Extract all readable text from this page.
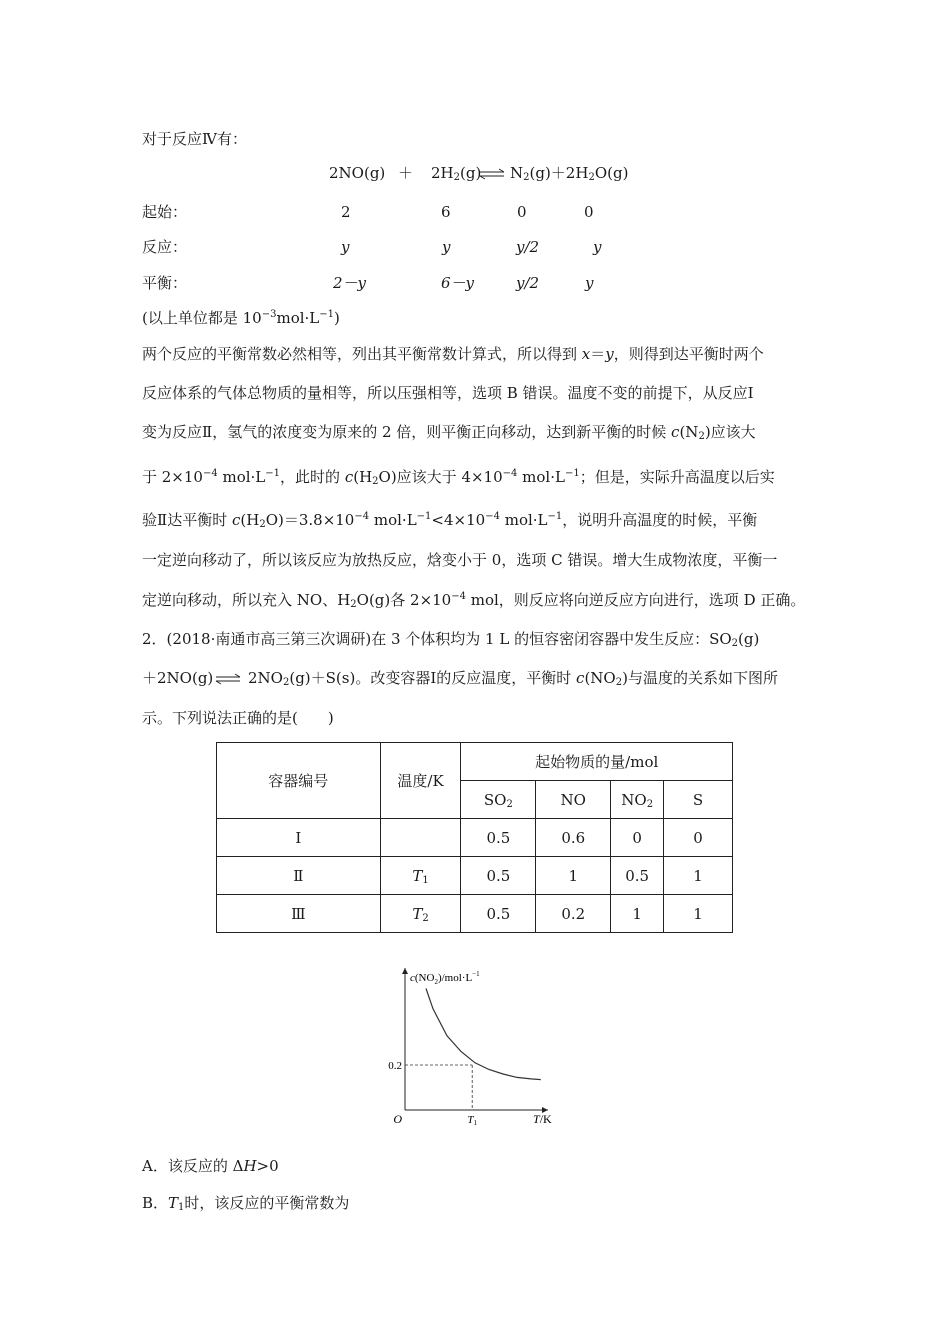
对于反应Ⅳ有：
$2NO(g) + 2H_2(g)$ ⇌ $N_2(g)+2H_2O(g)$
起始：	2	6	0	0
反应：	y	y	y/2	y
平衡：	2－y	6－y	y/2	y
(以上单位都是 $10^{-3}mol\cdot L^{-1}$)
两个反应的平衡常数必然相等，列出其平衡常数计算式，所以得到 x＝y，则得到达平衡时两个
反应体系的气体总物质的量相等，所以压强相等，选项 B 错误。温度不变的前提下，从反应Ⅰ
变为反应Ⅱ，氢气的浓度变为原来的 2 倍，则平衡正向移动，达到新平衡的时候 $c(N_2)$应该大
于 $2\times 10^{-4}$ $mol\cdot L^{-1}$，此时的 $c(H_2O)$应该大于 $4\times 10^{-4}$ $mol\cdot L^{-1}$；但是，实际升高温度以后实
验Ⅱ达平衡时 $c(H_2O)=3.8\times 10^{-4}$ $mol\cdot L^{-1}<4\times 10^{-4}$ $mol\cdot L^{-1}$，说明升高温度的时候，平衡
一定逆向移动了，所以该反应为放热反应，焓变小于 0，选项 C 错误。增大生成物浓度，平衡一
定逆向移动，所以充入 NO、$H_2O(g)$各 $2\times 10^{-4}$ mol，则反应将向逆反应方向进行，选项 D 正确。
2．(2018·南通市高三第三次调研)在 3 个体积均为 1 L 的恒容密闭容器中发生反应：$SO_2(g)$
＋2NO(g) ⇌ $2NO_2(g)+S(s)$。改变容器Ⅰ的反应温度，平衡时 $c(NO_2)$与温度的关系如下图所
示。下列说法正确的是(　　)
容器编号	温度/K	起始物质的量/mol			
		$SO_2$	NO	$NO_2$	S
Ⅰ		0.5	0.6	0	0
Ⅱ	$T_1$	0.5	1	0.5	1
Ⅲ	$T_2$	0.5	0.2	1	1
$c(NO_2)/mol\cdot L^{-1}$
O	T/K
0.2
T1
A．该反应的 ΔH>0
B．$T_1$时，该反应的平衡常数为
